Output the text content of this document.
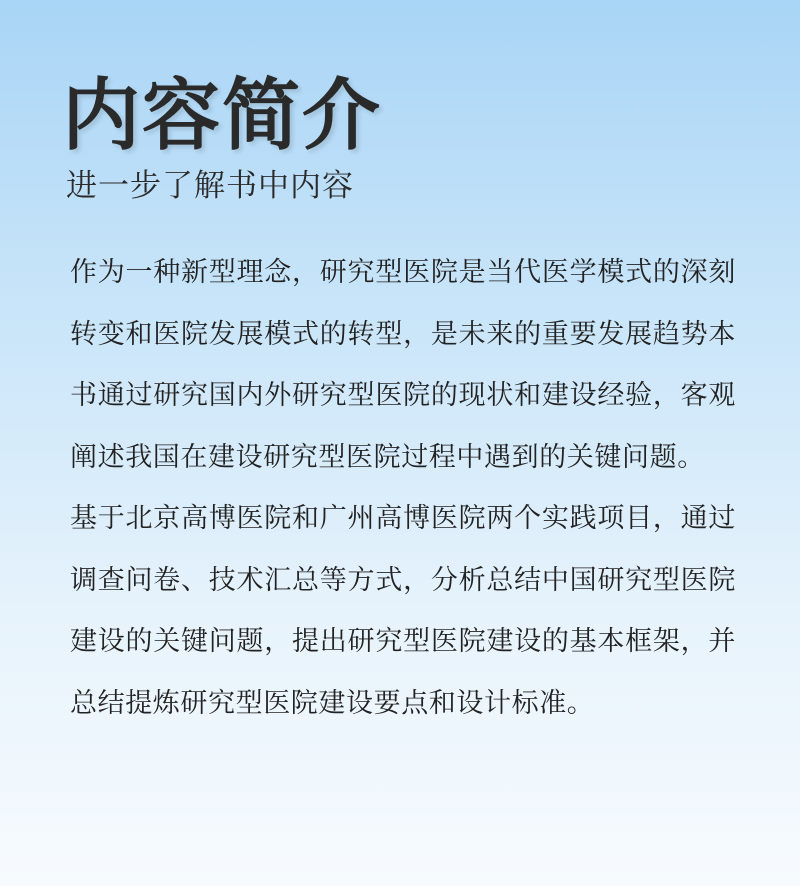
内容简介
进一步了解书中内容

作为一种新型理念，研究型医院是当代医学模式的深刻转变和医院发展模式的转型，是未来的重要发展趋势本书通过研究国内外研究型医院的现状和建设经验，客观阐述我国在建设研究型医院过程中遇到的关键问题。

基于北京高博医院和广州高博医院两个实践项目，通过调查问卷、技术汇总等方式，分析总结中国研究型医院建设的关键问题，提出研究型医院建设的基本框架，并总结提炼研究型医院建设要点和设计标准。
